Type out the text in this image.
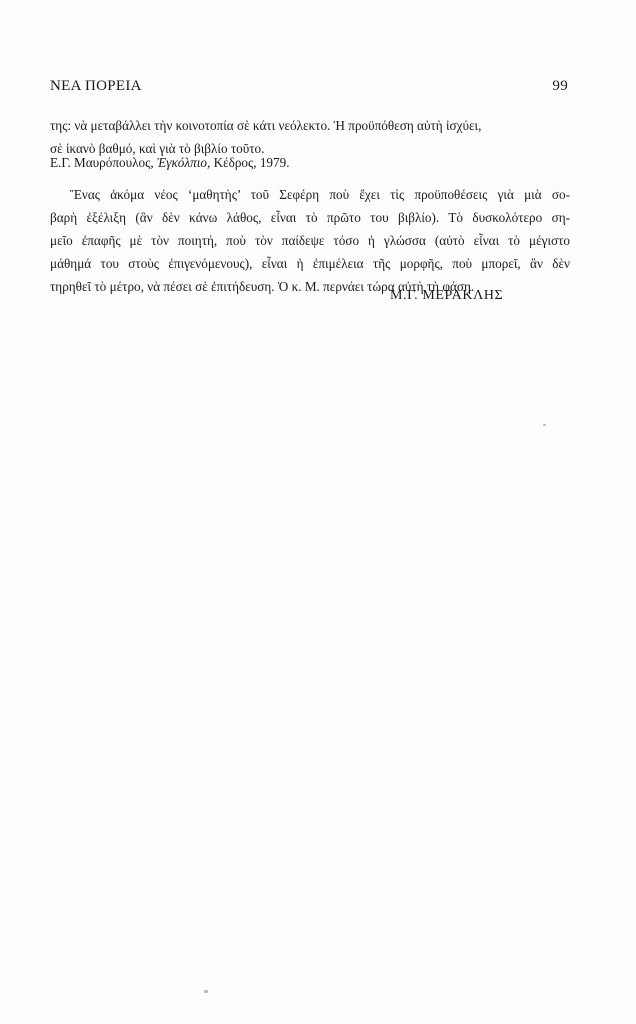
ΝΕΑ ΠΟΡΕΙΑ	99
της: νὰ μεταβάλλει τὴν κοινοτοπία σὲ κάτι νεόλεκτο. Ἡ προϋπόθεση αὐτὴ ἰσχύει,
σὲ ἱκανὸ βαθμό, καὶ γιὰ τὸ βιβλίο τοῦτο.
Ε.Γ. Μαυρόπουλος, Ἐγκόλπιο, Κέδρος, 1979.
Ἕνας ἀκόμα νέος ‘μαθητὴς’ τοῦ Σεφέρη ποὺ ἔχει τὶς προϋποθέσεις γιὰ μιὰ σο-
βαρὴ ἐξέλιξη (ἂν δὲν κάνω λάθος, εἶναι τὸ πρῶτο του βιβλίο). Τὸ δυσκολότερο ση-
μεῖο ἐπαφῆς μὲ τὸν ποιητή, ποὺ τὸν παίδεψε τόσο ἡ γλώσσα (αὐτὸ εἶναι τὸ μέγιστο
μάθημά του στοὺς ἐπιγενόμενους), εἶναι ἡ ἐπιμέλεια τῆς μορφῆς, ποὺ μπορεῖ, ἂν δὲν
τηρηθεῖ τὸ μέτρο, νὰ πέσει σὲ ἐπιτήδευση. Ὁ κ. Μ. περνάει τώρα αὐτὴ τὴ φάση.
Μ.Γ. ΜΕΡΑΚΛΗΣ
